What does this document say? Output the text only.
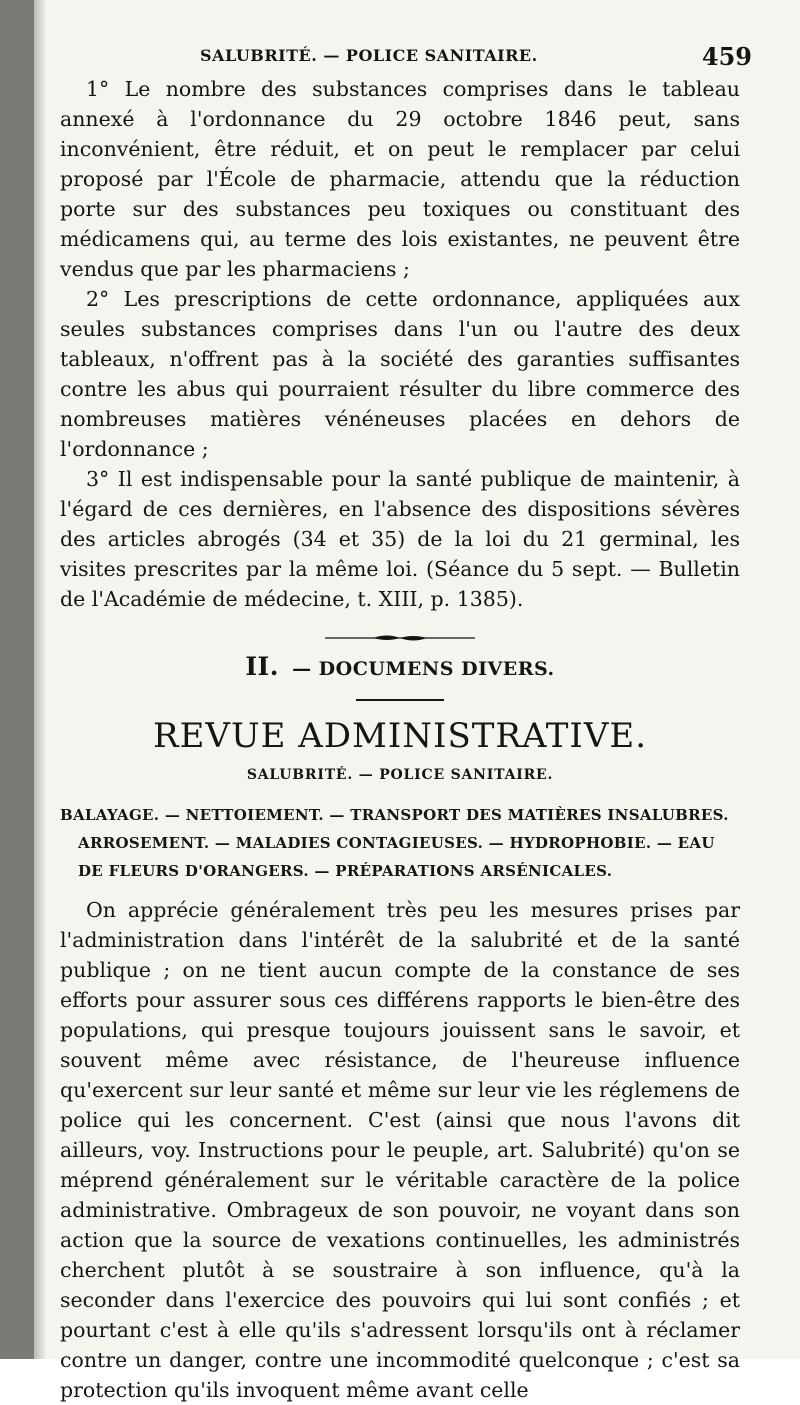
SALUBRITÉ. — POLICE SANITAIRE.	459

1° Le nombre des substances comprises dans le tableau annexé à l'ordonnance du 29 octobre 1846 peut, sans inconvénient, être réduit, et on peut le remplacer par celui proposé par l'École de pharmacie, attendu que la réduction porte sur des substances peu toxiques ou constituant des médicamens qui, au terme des lois existantes, ne peuvent être vendus que par les pharmaciens ;

2° Les prescriptions de cette ordonnance, appliquées aux seules substances comprises dans l'un ou l'autre des deux tableaux, n'offrent pas à la société des garanties suffisantes contre les abus qui pourraient résulter du libre commerce des nombreuses matières vénéneuses placées en dehors de l'ordonnance ;

3° Il est indispensable pour la santé publique de maintenir, à l'égard de ces dernières, en l'absence des dispositions sévères des articles abrogés (34 et 35) de la loi du 21 germinal, les visites prescrites par la même loi. (Séance du 5 sept. — Bulletin de l'Académie de médecine, t. XIII, p. 1385).

II. — DOCUMENS DIVERS.
REVUE ADMINISTRATIVE.
SALUBRITÉ. — POLICE SANITAIRE.

BALAYAGE. — NETTOIEMENT. — TRANSPORT DES MATIÈRES INSALUBRES.
ARROSEMENT. — MALADIES CONTAGIEUSES. — HYDROPHOBIE. — EAU DE FLEURS D'ORANGERS. — PRÉPARATIONS ARSÉNICALES.

On apprécie généralement très peu les mesures prises par l'administration dans l'intérêt de la salubrité et de la santé publique ; on ne tient aucun compte de la constance de ses efforts pour assurer sous ces différens rapports le bien-être des populations, qui presque toujours jouissent sans le savoir, et souvent même avec résistance, de l'heureuse influence qu'exercent sur leur santé et même sur leur vie les réglemens de police qui les concernent. C'est (ainsi que nous l'avons dit ailleurs, voy. Instructions pour le peuple, art. Salubrité) qu'on se méprend généralement sur le véritable caractère de la police administrative. Ombrageux de son pouvoir, ne voyant dans son action que la source de vexations continuelles, les administrés cherchent plutôt à se soustraire à son influence, qu'à la seconder dans l'exercice des pouvoirs qui lui sont confiés ; et pourtant c'est à elle qu'ils s'adressent lorsqu'ils ont à réclamer contre un danger, contre une incommodité quelconque ; c'est sa protection qu'ils invoquent même avant celle
